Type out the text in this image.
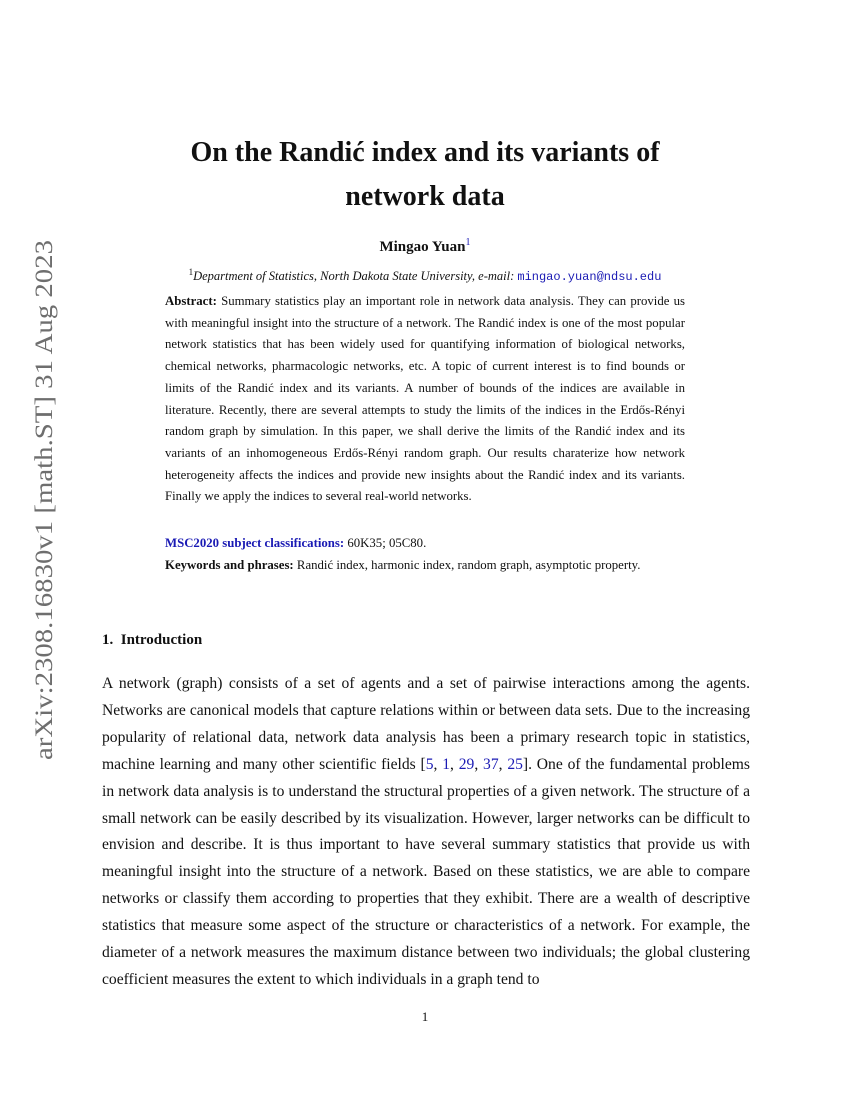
arXiv:2308.16830v1 [math.ST] 31 Aug 2023
On the Randić index and its variants of
network data
Mingao Yuan$^1$
$^1$Department of Statistics, North Dakota State University, e-mail: mingao.yuan@ndsu.edu

Abstract: Summary statistics play an important role in network data analysis. They can provide us with meaningful insight into the structure of a network. The Randić index is one of the most popular network statistics that has been widely used for quantifying information of biological networks, chemical networks, pharmacologic networks, etc. A topic of current interest is to find bounds or limits of the Randić index and its variants. A number of bounds of the indices are available in literature. Recently, there are several attempts to study the limits of the indices in the Erdős-Rényi random graph by simulation. In this paper, we shall derive the limits of the Randić index and its variants of an inhomogeneous Erdős-Rényi random graph. Our results charaterize how network heterogeneity affects the indices and provide new insights about the Randić index and its variants. Finally we apply the indices to several real-world networks.

MSC2020 subject classifications: 60K35; 05C80.
Keywords and phrases: Randić index, harmonic index, random graph, asymptotic property.
1. Introduction

A network (graph) consists of a set of agents and a set of pairwise interactions among the agents. Networks are canonical models that capture relations within or between data sets. Due to the increasing popularity of relational data, network data analysis has been a primary research topic in statistics, machine learning and many other scientific fields [5, 1, 29, 37, 25]. One of the fundamental problems in network data analysis is to understand the structural properties of a given network. The structure of a small network can be easily described by its visualization. However, larger networks can be difficult to envision and describe. It is thus important to have several summary statistics that provide us with meaningful insight into the structure of a network. Based on these statistics, we are able to compare networks or classify them according to properties that they exhibit. There are a wealth of descriptive statistics that measure some aspect of the structure or characteristics of a network. For example, the diameter of a network measures the maximum distance between two individuals; the global clustering coefficient measures the extent to which individuals in a graph tend to

1
